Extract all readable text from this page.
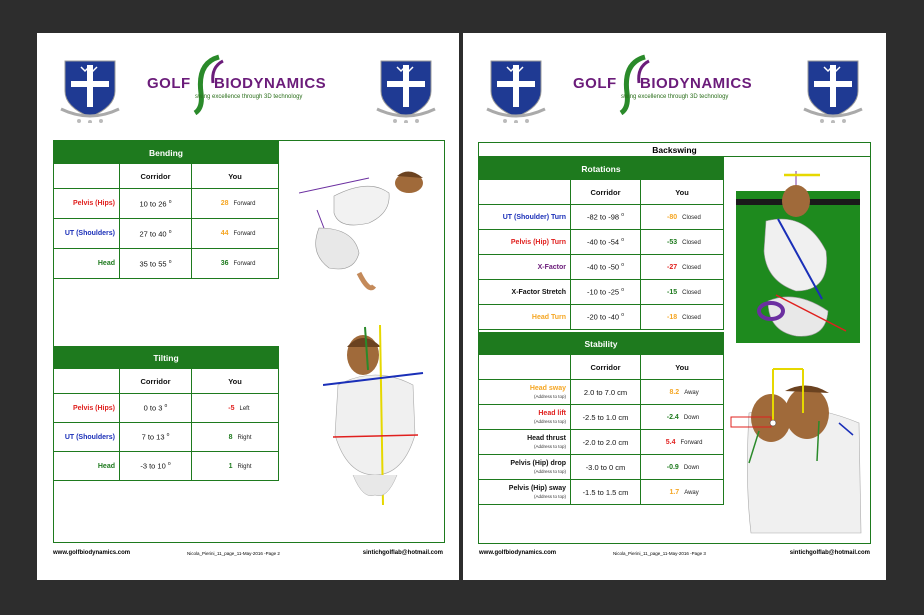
GOLF BIODYNAMICS
swing excellence through 3D technology
Bending		
	Corridor	You
Pelvis (Hips)	10 to 26 $^o$	28 Forward
UT (Shoulders)	27 to 40 $^o$	44 Forward
Head	35 to 55 $^o$	36 Forward
Tilting		
	Corridor	You
Pelvis (Hips)	0 to 3 $^o$	-5 Left
UT (Shoulders)	7 to 13 $^o$	8 Right
Head	-3 to 10 $^o$	1 Right
www.golfbiodynamics.com	Nicola_Pierini_11_page_11-May-2016 -Page 2	sintichgolflab@hotmail.com
GOLF BIODYNAMICS
swing excellence through 3D technology
Backswing
Rotations		
	Corridor	You
UT (Shoulder) Turn	-82 to -98 $^o$	-80 Closed
Pelvis (Hip) Turn	-40 to -54 $^o$	-53 Closed
X-Factor	-40 to -50 $^o$	-27 Closed
X-Factor Stretch	-10 to -25 $^o$	-15 Closed
Head Turn	-20 to -40 $^o$	-18 Closed
Stability		
	Corridor	You
Head sway
(Address to top)	2.0 to 7.0 cm	8.2 Away
Head lift
(Address to top)	-2.5 to 1.0 cm	-2.4 Down
Head thrust
(Address to top)	-2.0 to 2.0 cm	5.4 Forward
Pelvis (Hip) drop
(Address to top)	-3.0 to 0 cm	-0.9 Down
Pelvis (Hip) sway
(Address to top)	-1.5 to 1.5 cm	1.7 Away
www.golfbiodynamics.com	Nicola_Pierini_11_page_11-May-2016 -Page 3	sintichgolflab@hotmail.com
